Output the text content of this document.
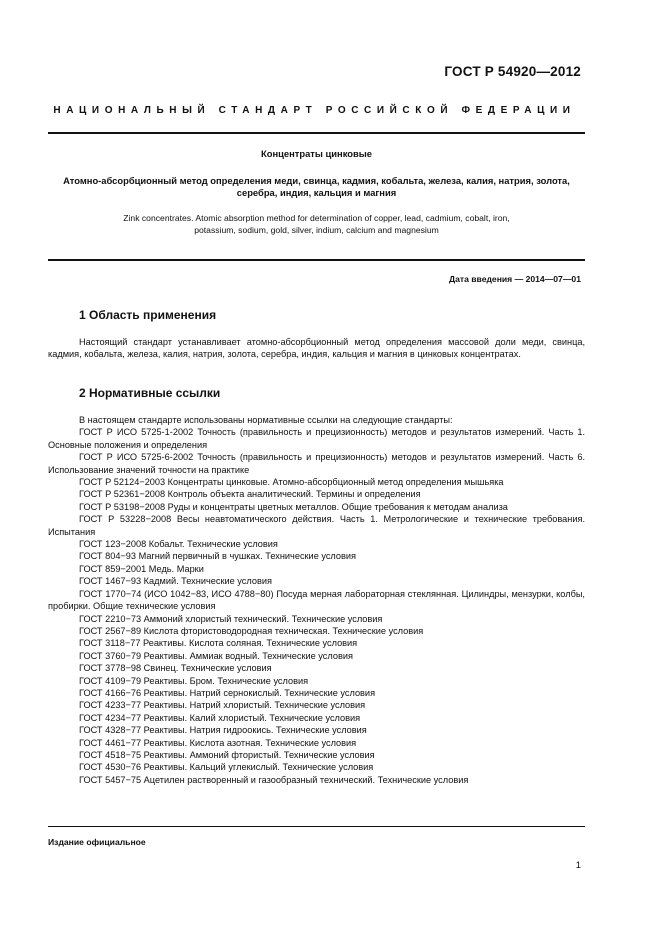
ГОСТ Р 54920—2012
НАЦИОНАЛЬНЫЙ СТАНДАРТ РОССИЙСКОЙ ФЕДЕРАЦИИ
Концентраты цинковые
Атомно-абсорбционный метод определения меди, свинца, кадмия, кобальта, железа, калия, натрия, золота, серебра, индия, кальция и магния
Zink concentrates. Atomic absorption method for determination of copper, lead, cadmium, cobalt, iron, potassium, sodium, gold, silver, indium, calcium and magnesium
Дата введения — 2014—07—01
1 Область применения
Настоящий стандарт устанавливает атомно-абсорбционный метод определения массовой доли меди, свинца, кадмия, кобальта, железа, калия, натрия, золота, серебра, индия, кальция и магния в цинковых концентратах.
2 Нормативные ссылки

В настоящем стандарте использованы нормативные ссылки на следующие стандарты:

ГОСТ Р ИСО 5725-1-2002 Точность (правильность и прецизионность) методов и результатов измерений. Часть 1. Основные положения и определения

ГОСТ Р ИСО 5725-6-2002 Точность (правильность и прецизионность) методов и результатов измерений. Часть 6. Использование значений точности на практике

ГОСТ Р 52124−2003 Концентраты цинковые. Атомно-абсорбционный метод определения мышьяка

ГОСТ Р 52361−2008 Контроль объекта аналитический. Термины и определения

ГОСТ Р 53198−2008 Руды и концентраты цветных металлов. Общие требования к методам анализа

ГОСТ Р 53228−2008 Весы неавтоматического действия. Часть 1. Метрологические и технические требования. Испытания

ГОСТ 123−2008 Кобальт. Технические условия

ГОСТ 804−93 Магний первичный в чушках. Технические условия

ГОСТ 859−2001 Медь. Марки

ГОСТ 1467−93 Кадмий. Технические условия

ГОСТ 1770−74 (ИСО 1042−83, ИСО 4788−80) Посуда мерная лабораторная стеклянная. Цилиндры, мензурки, колбы, пробирки. Общие технические условия

ГОСТ 2210−73 Аммоний хлористый технический. Технические условия

ГОСТ 2567−89 Кислота фтористоводородная техническая. Технические условия

ГОСТ 3118−77 Реактивы. Кислота соляная. Технические условия

ГОСТ 3760−79 Реактивы. Аммиак водный. Технические условия

ГОСТ 3778−98 Свинец. Технические условия

ГОСТ 4109−79 Реактивы. Бром. Технические условия

ГОСТ 4166−76 Реактивы. Натрий сернокислый. Технические условия

ГОСТ 4233−77 Реактивы. Натрий хлористый. Технические условия

ГОСТ 4234−77 Реактивы. Калий хлористый. Технические условия

ГОСТ 4328−77 Реактивы. Натрия гидроокись. Технические условия

ГОСТ 4461−77 Реактивы. Кислота азотная. Технические условия

ГОСТ 4518−75 Реактивы. Аммоний фтористый. Технические условия

ГОСТ 4530−76 Реактивы. Кальций углекислый. Технические условия

ГОСТ 5457−75 Ацетилен растворенный и газообразный технический. Технические условия

Издание официальное
1
